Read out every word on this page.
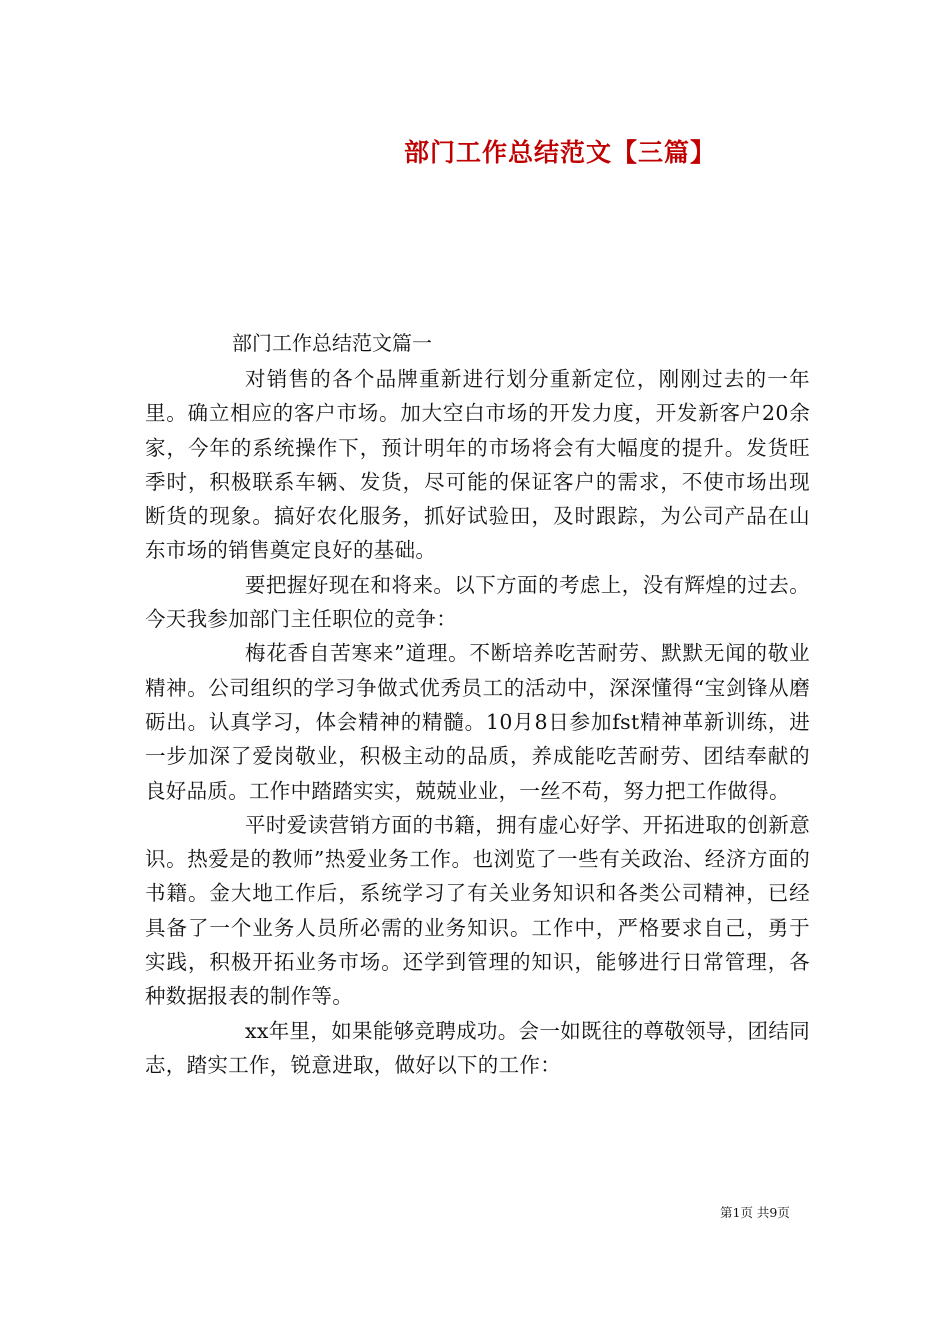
部门工作总结范文【三篇】
部门工作总结范文篇一

对销售的各个品牌重新进行划分重新定位，刚刚过去的一年里。确立相应的客户市场。加大空白市场的开发力度，开发新客户20余家，今年的系统操作下，预计明年的市场将会有大幅度的提升。发货旺季时，积极联系车辆、发货，尽可能的保证客户的需求，不使市场出现断货的现象。搞好农化服务，抓好试验田，及时跟踪，为公司产品在山东市场的销售奠定良好的基础。

要把握好现在和将来。以下方面的考虑上，没有辉煌的过去。今天我参加部门主任职位的竞争：

梅花香自苦寒来”道理。不断培养吃苦耐劳、默默无闻的敬业精神。公司组织的学习争做式优秀员工的活动中，深深懂得“宝剑锋从磨砺出。认真学习，体会精神的精髓。10月8日参加fst精神革新训练，进一步加深了爱岗敬业，积极主动的品质，养成能吃苦耐劳、团结奉献的良好品质。工作中踏踏实实，兢兢业业，一丝不苟，努力把工作做得。

平时爱读营销方面的书籍，拥有虚心好学、开拓进取的创新意识。热爱是的教师”热爱业务工作。也浏览了一些有关政治、经济方面的书籍。金大地工作后，系统学习了有关业务知识和各类公司精神，已经具备了一个业务人员所必需的业务知识。工作中，严格要求自己，勇于实践，积极开拓业务市场。还学到管理的知识，能够进行日常管理，各种数据报表的制作等。

xx年里，如果能够竞聘成功。会一如既往的尊敬领导，团结同志，踏实工作，锐意进取，做好以下的工作：

第1页 共9页
